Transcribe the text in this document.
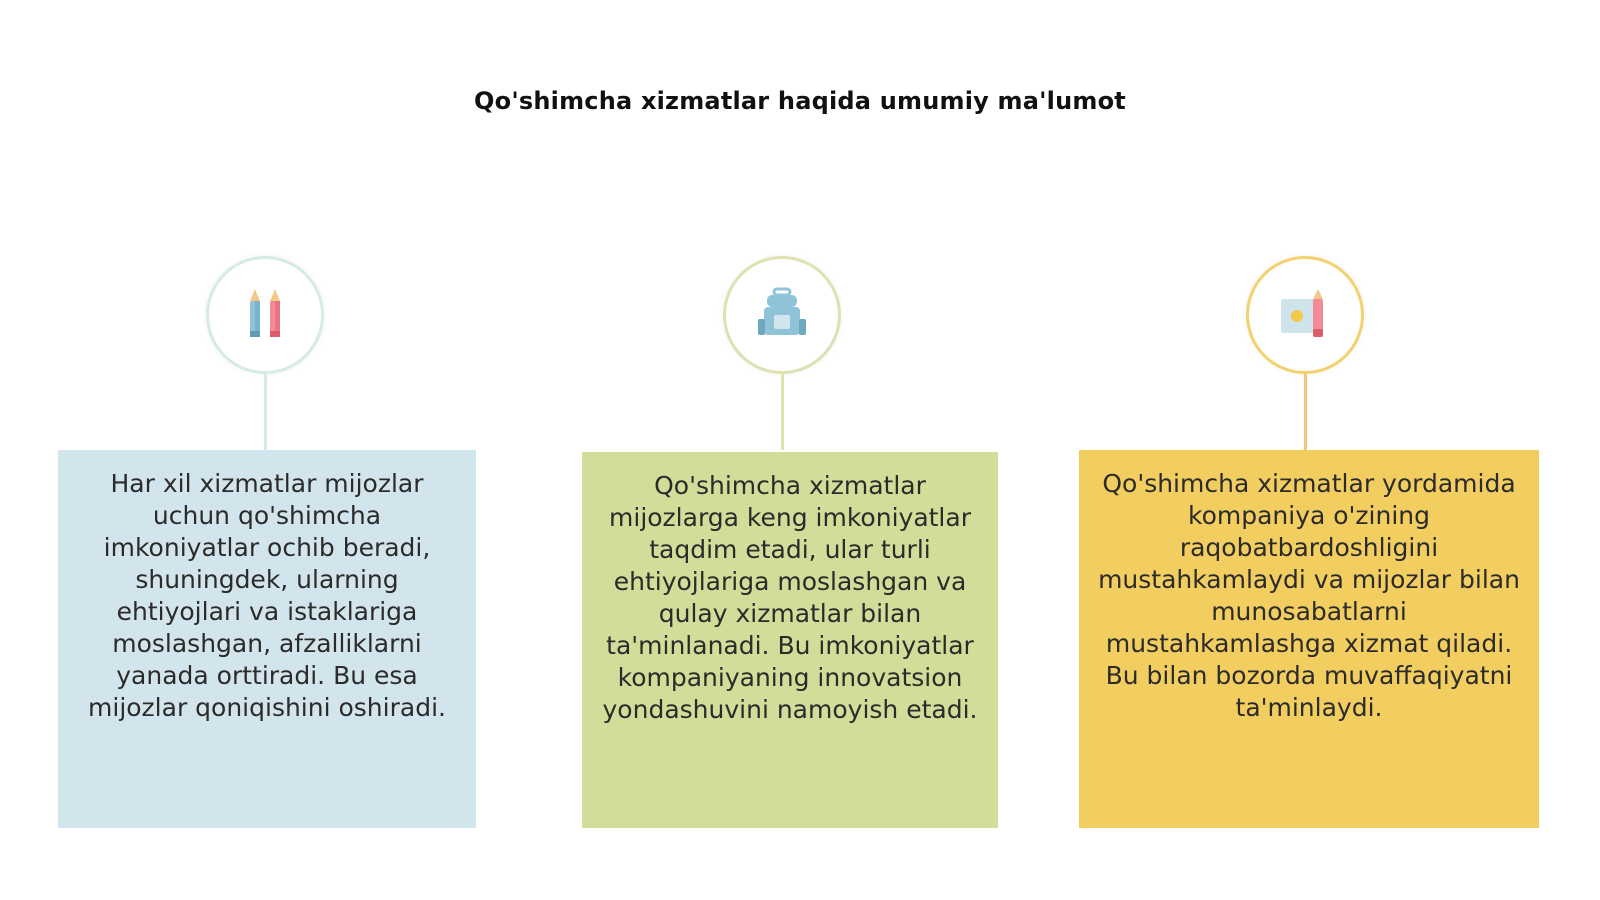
Qo'shimcha xizmatlar haqida umumiy ma'lumot
Har xil xizmatlar mijozlar uchun qo'shimcha imkoniyatlar ochib beradi, shuningdek, ularning ehtiyojlari va istaklariga moslashgan, afzalliklarni yanada orttiradi. Bu esa mijozlar qoniqishini oshiradi.
Qo'shimcha xizmatlar mijozlarga keng imkoniyatlar taqdim etadi, ular turli ehtiyojlariga moslashgan va qulay xizmatlar bilan ta'minlanadi. Bu imkoniyatlar kompaniyaning innovatsion yondashuvini namoyish etadi.
Qo'shimcha xizmatlar yordamida kompaniya o'zining raqobatbardoshligini mustahkamlaydi va mijozlar bilan munosabatlarni mustahkamlashga xizmat qiladi. Bu bilan bozorda muvaffaqiyatni ta'minlaydi.
